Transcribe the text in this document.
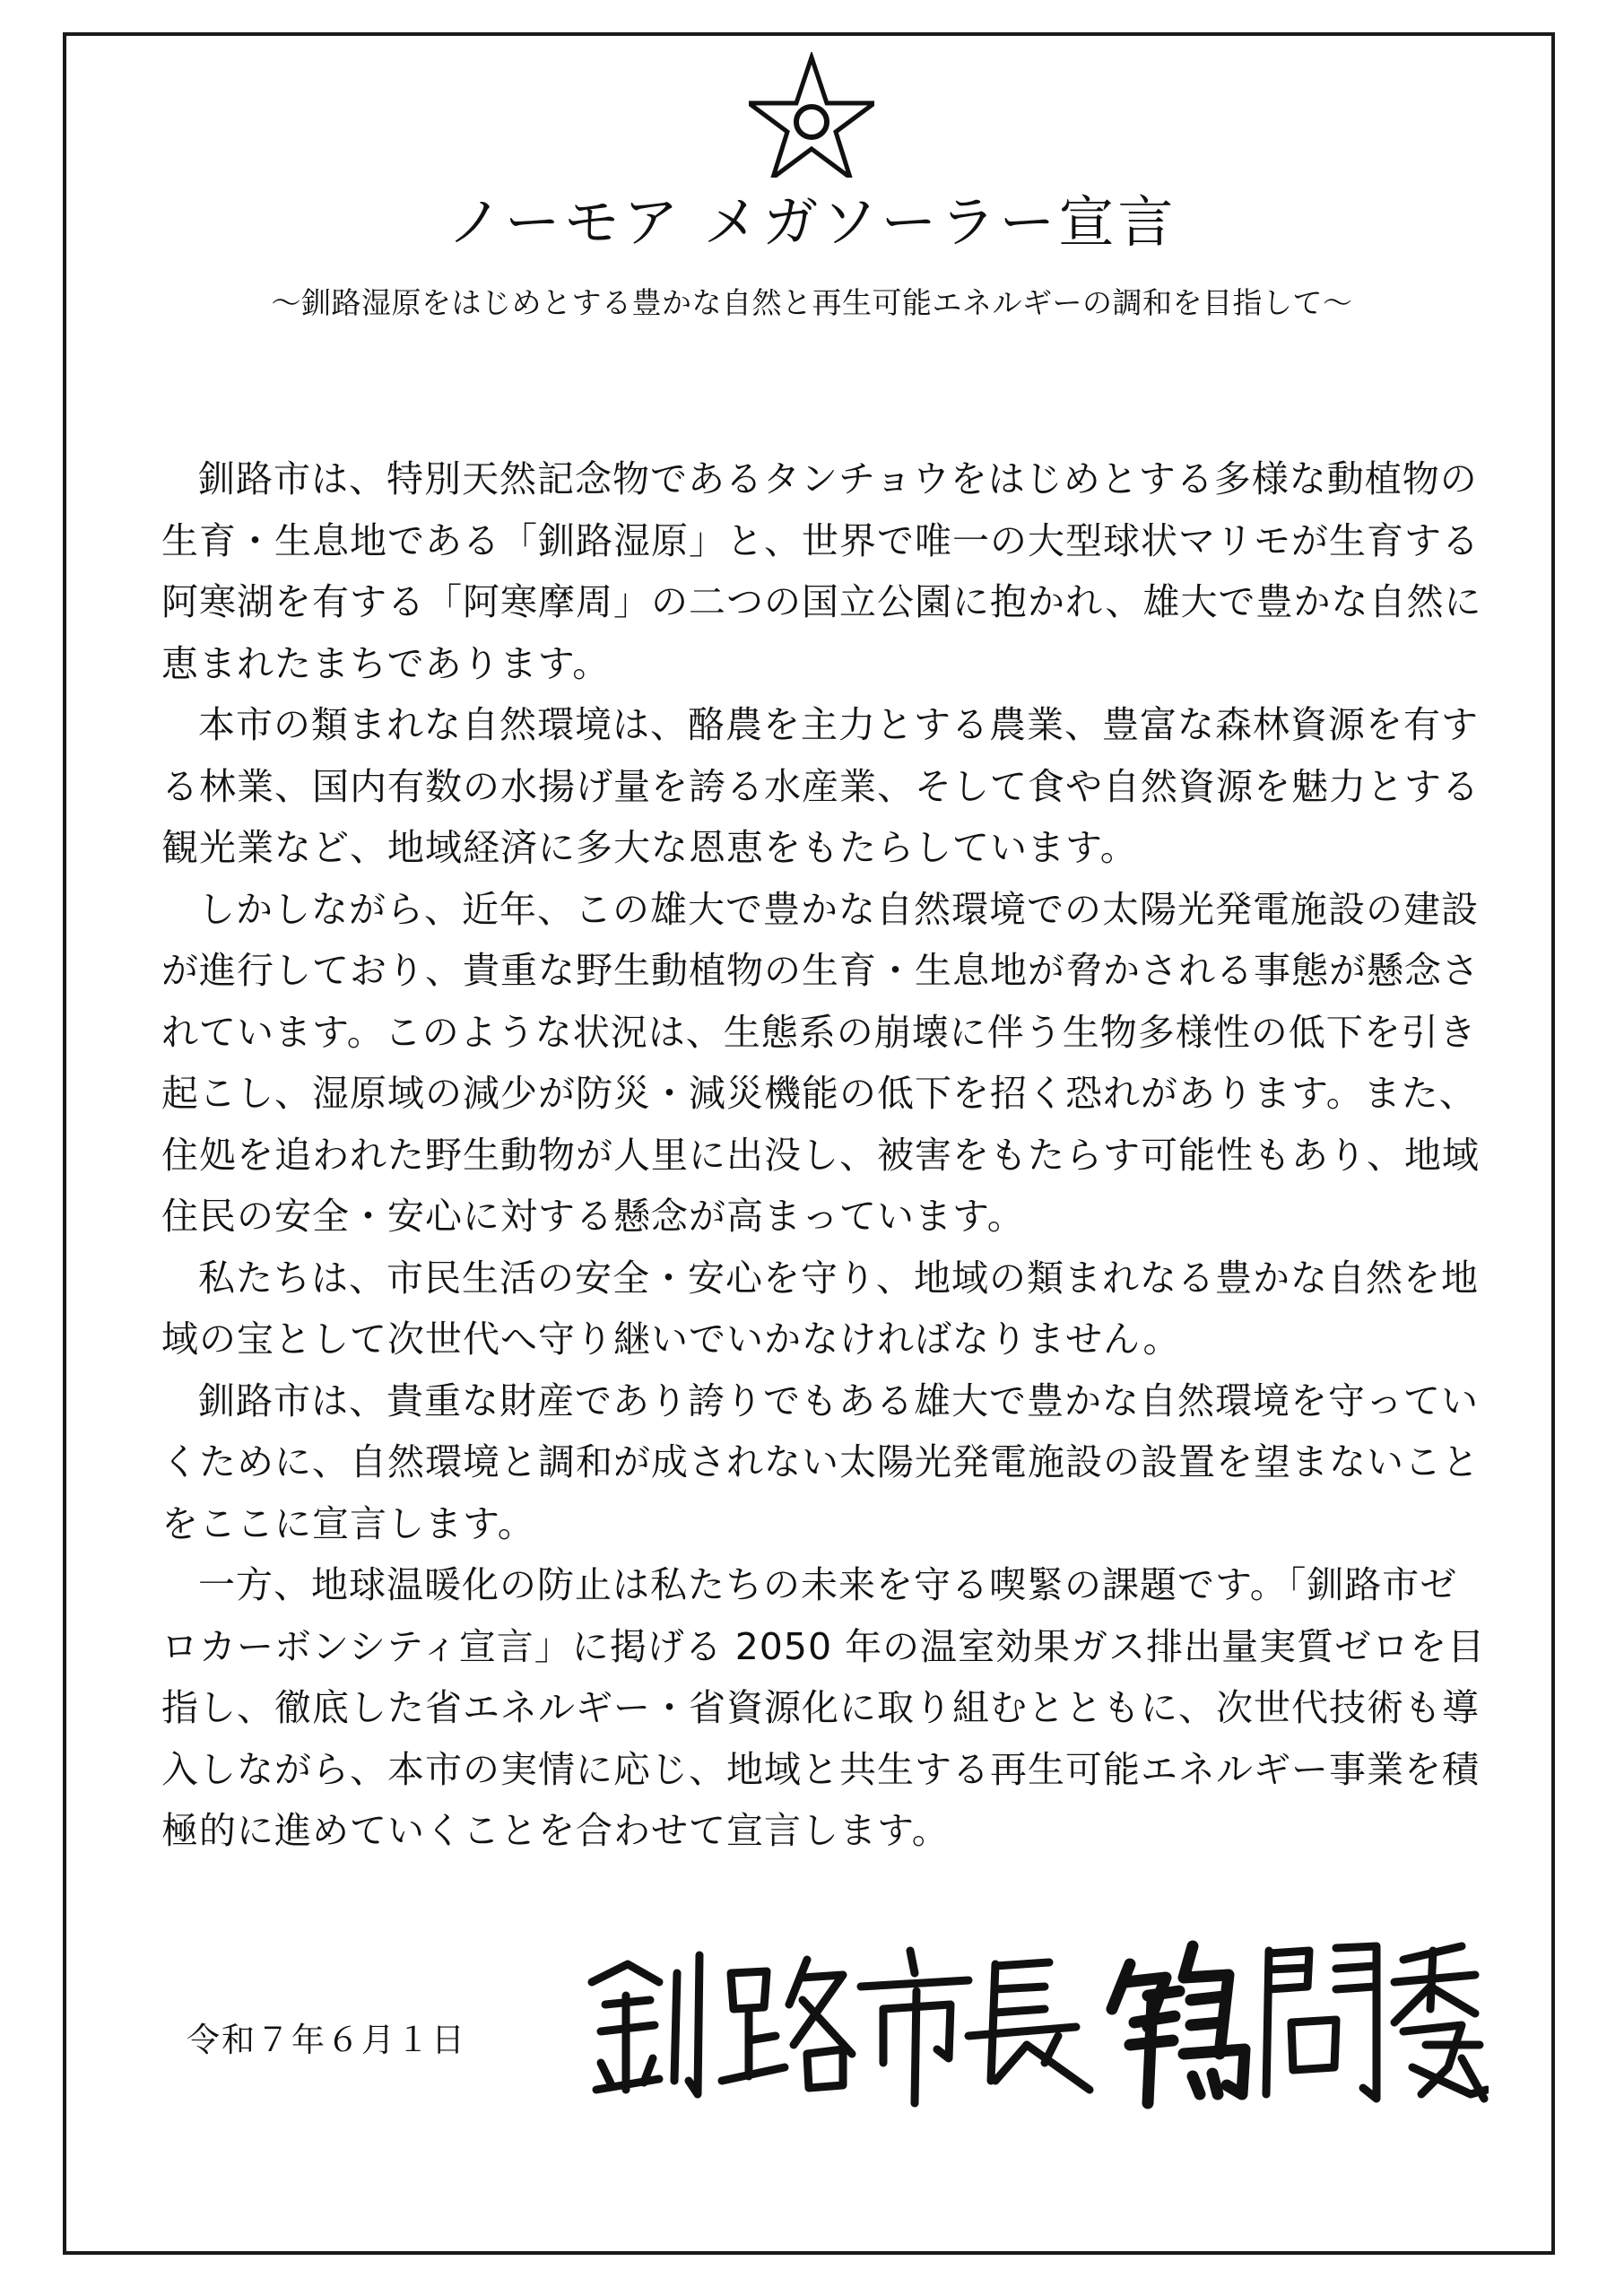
ノーモア メガソーラー宣言
～釧路湿原をはじめとする豊かな自然と再生可能エネルギーの調和を目指して～

釧路市は、特別天然記念物であるタンチョウをはじめとする多様な動植物の生育・生息地である「釧路湿原」と、世界で唯一の大型球状マリモが生育する阿寒湖を有する「阿寒摩周」の二つの国立公園に抱かれ、雄大で豊かな自然に恵まれたまちであります。

本市の類まれな自然環境は、酪農を主力とする農業、豊富な森林資源を有する林業、国内有数の水揚げ量を誇る水産業、そして食や自然資源を魅力とする観光業など、地域経済に多大な恩恵をもたらしています。

しかしながら、近年、この雄大で豊かな自然環境での太陽光発電施設の建設が進行しており、貴重な野生動植物の生育・生息地が脅かされる事態が懸念されています。このような状況は、生態系の崩壊に伴う生物多様性の低下を引き起こし、湿原域の減少が防災・減災機能の低下を招く恐れがあります。また、住処を追われた野生動物が人里に出没し、被害をもたらす可能性もあり、地域住民の安全・安心に対する懸念が高まっています。

私たちは、市民生活の安全・安心を守り、地域の類まれなる豊かな自然を地域の宝として次世代へ守り継いでいかなければなりません。

釧路市は、貴重な財産であり誇りでもある雄大で豊かな自然環境を守っていくために、自然環境と調和が成されない太陽光発電施設の設置を望まないことをここに宣言します。

一方、地球温暖化の防止は私たちの未来を守る喫緊の課題です。「釧路市ゼロカーボンシティ宣言」に掲げる 2050 年の温室効果ガス排出量実質ゼロを目指し、徹底した省エネルギー・省資源化に取り組むとともに、次世代技術も導入しながら、本市の実情に応じ、地域と共生する再生可能エネルギー事業を積極的に進めていくことを合わせて宣言します。

令和７年６月１日
